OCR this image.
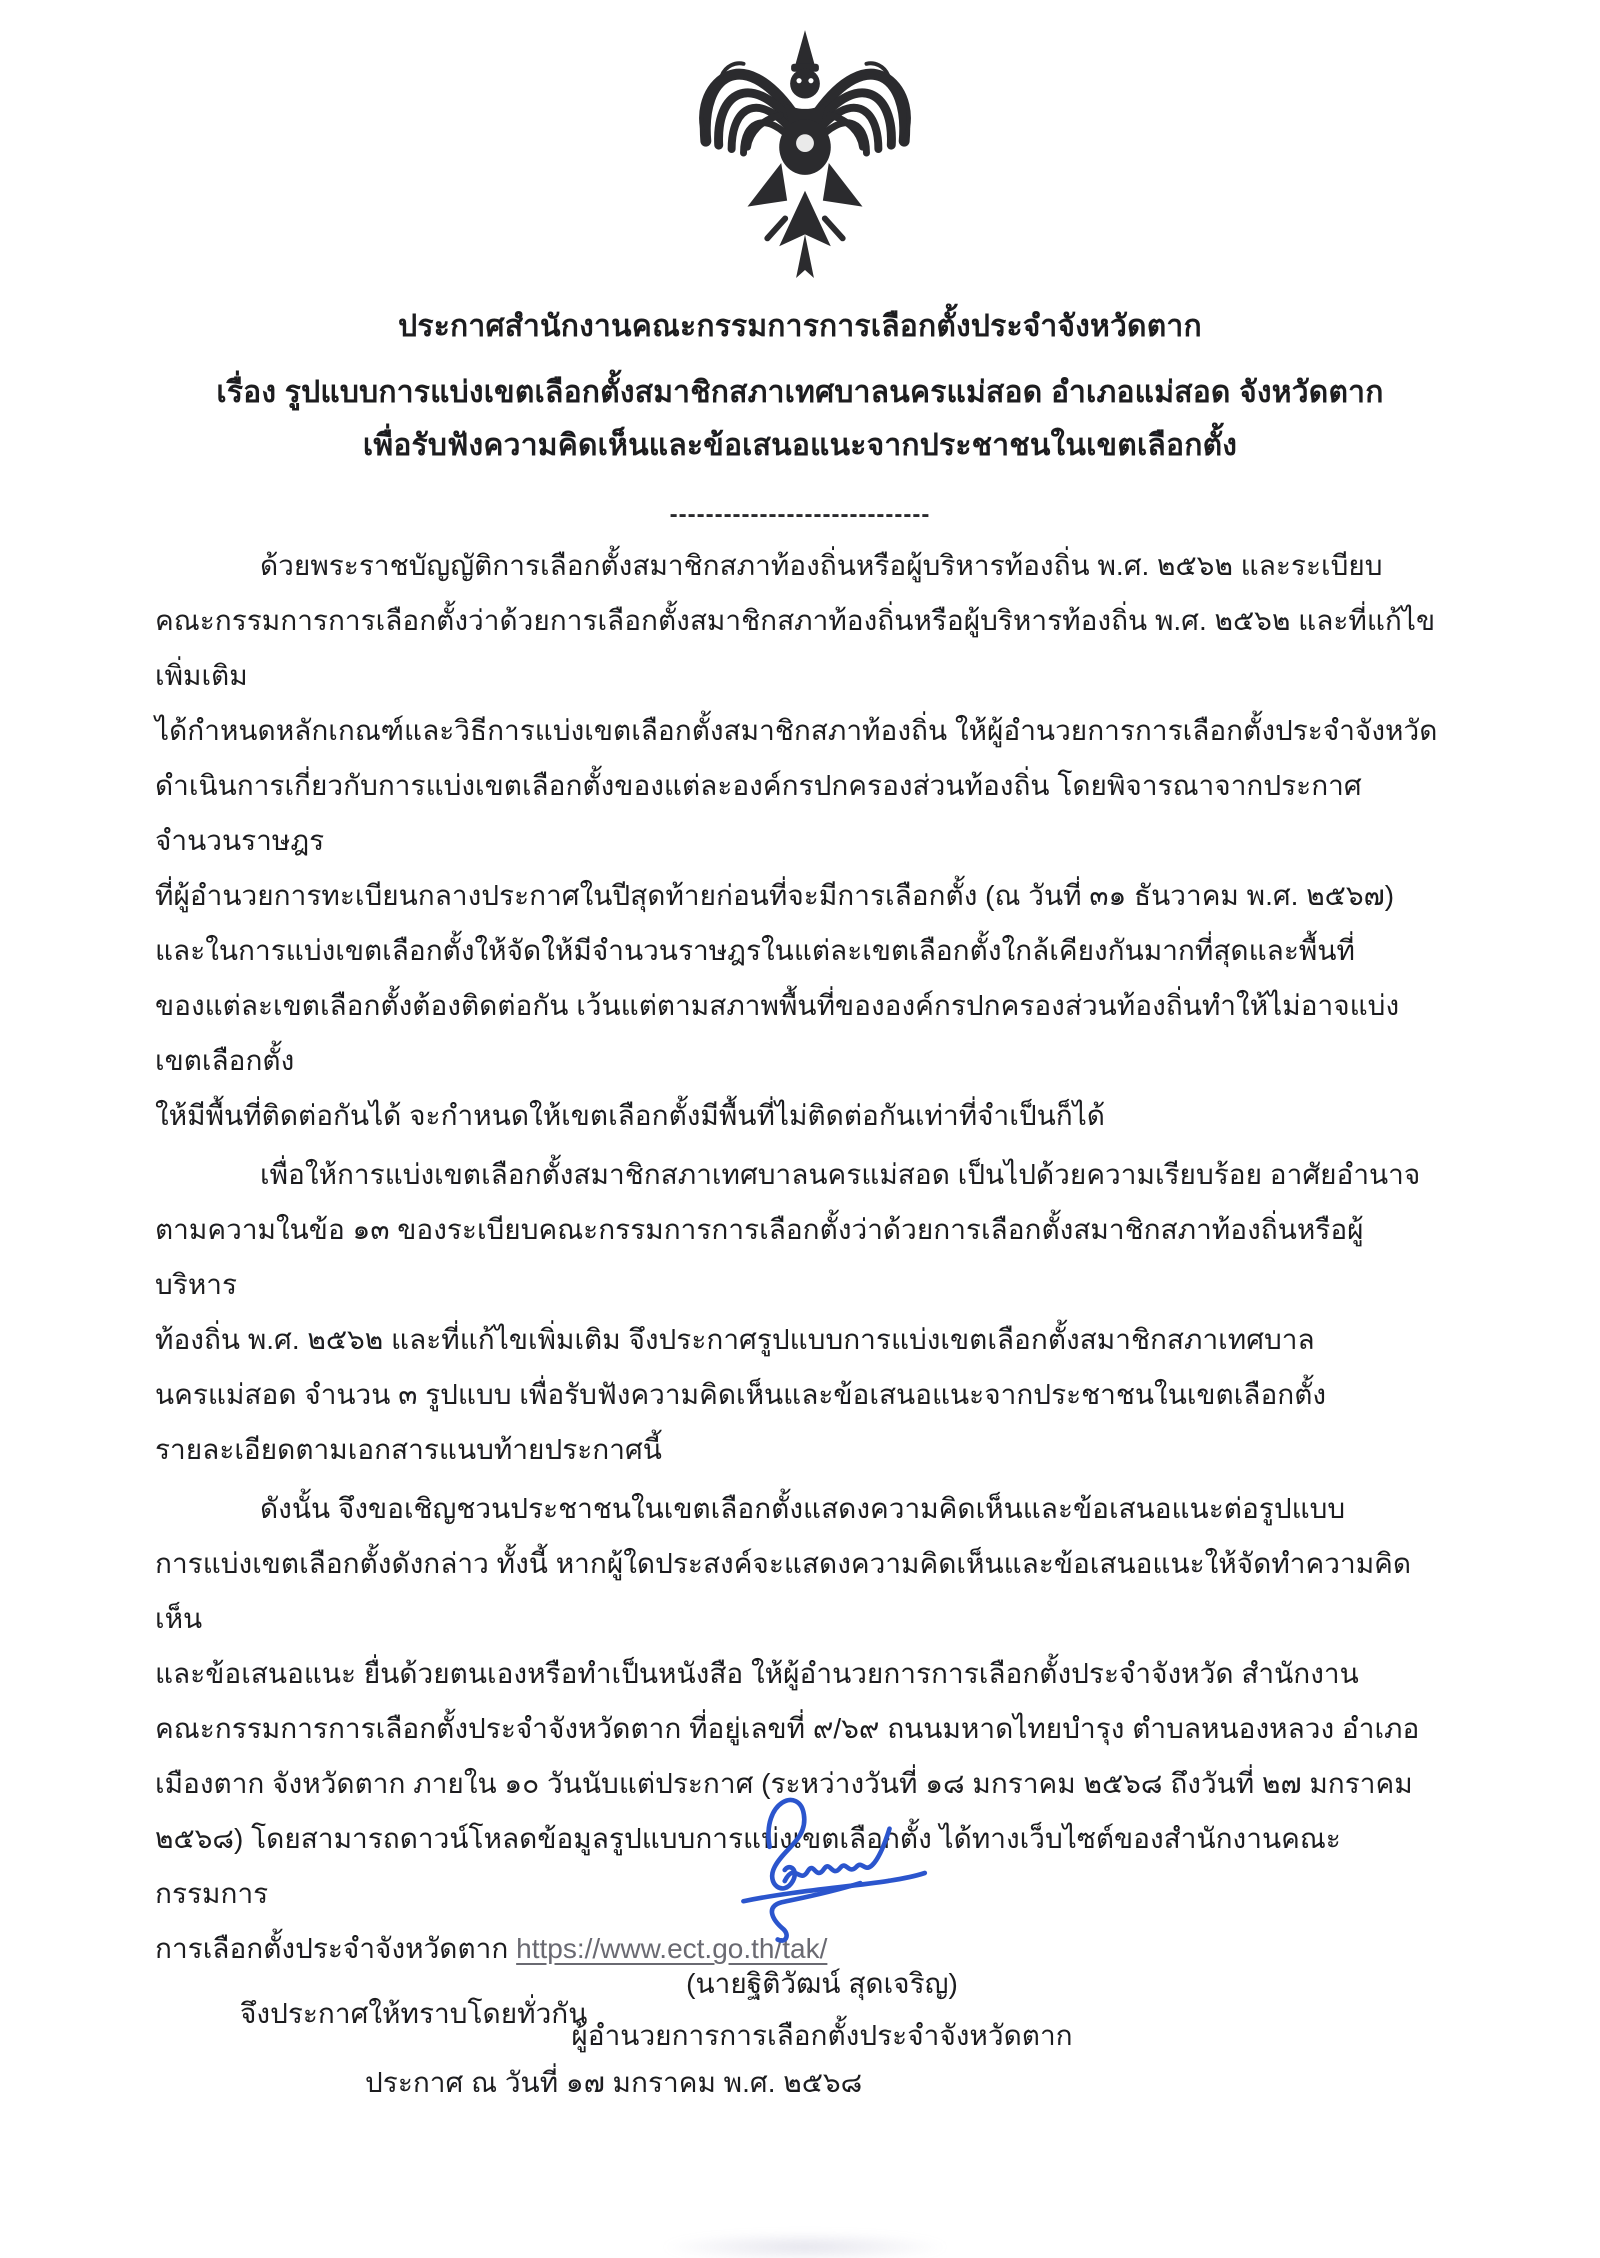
ประกาศสำนักงานคณะกรรมการการเลือกตั้งประจำจังหวัดตาก
เรื่อง รูปแบบการแบ่งเขตเลือกตั้งสมาชิกสภาเทศบาลนครแม่สอด อำเภอแม่สอด จังหวัดตาก
เพื่อรับฟังความคิดเห็นและข้อเสนอแนะจากประชาชนในเขตเลือกตั้ง
-----------------------------
ด้วยพระราชบัญญัติการเลือกตั้งสมาชิกสภาท้องถิ่นหรือผู้บริหารท้องถิ่น พ.ศ. ๒๕๖๒ และระเบียบ
คณะกรรมการการเลือกตั้งว่าด้วยการเลือกตั้งสมาชิกสภาท้องถิ่นหรือผู้บริหารท้องถิ่น พ.ศ. ๒๕๖๒ และที่แก้ไขเพิ่มเติม
ได้กำหนดหลักเกณฑ์และวิธีการแบ่งเขตเลือกตั้งสมาชิกสภาท้องถิ่น ให้ผู้อำนวยการการเลือกตั้งประจำจังหวัด
ดำเนินการเกี่ยวกับการแบ่งเขตเลือกตั้งของแต่ละองค์กรปกครองส่วนท้องถิ่น โดยพิจารณาจากประกาศจำนวนราษฎร
ที่ผู้อำนวยการทะเบียนกลางประกาศในปีสุดท้ายก่อนที่จะมีการเลือกตั้ง (ณ วันที่ ๓๑ ธันวาคม พ.ศ. ๒๕๖๗)
และในการแบ่งเขตเลือกตั้งให้จัดให้มีจำนวนราษฎรในแต่ละเขตเลือกตั้งใกล้เคียงกันมากที่สุดและพื้นที่
ของแต่ละเขตเลือกตั้งต้องติดต่อกัน เว้นแต่ตามสภาพพื้นที่ขององค์กรปกครองส่วนท้องถิ่นทำให้ไม่อาจแบ่งเขตเลือกตั้ง
ให้มีพื้นที่ติดต่อกันได้ จะกำหนดให้เขตเลือกตั้งมีพื้นที่ไม่ติดต่อกันเท่าที่จำเป็นก็ได้
เพื่อให้การแบ่งเขตเลือกตั้งสมาชิกสภาเทศบาลนครแม่สอด เป็นไปด้วยความเรียบร้อย อาศัยอำนาจ
ตามความในข้อ ๑๓ ของระเบียบคณะกรรมการการเลือกตั้งว่าด้วยการเลือกตั้งสมาชิกสภาท้องถิ่นหรือผู้บริหาร
ท้องถิ่น พ.ศ. ๒๕๖๒ และที่แก้ไขเพิ่มเติม จึงประกาศรูปแบบการแบ่งเขตเลือกตั้งสมาชิกสภาเทศบาล
นครแม่สอด จำนวน ๓ รูปแบบ เพื่อรับฟังความคิดเห็นและข้อเสนอแนะจากประชาชนในเขตเลือกตั้ง
รายละเอียดตามเอกสารแนบท้ายประกาศนี้
ดังนั้น จึงขอเชิญชวนประชาชนในเขตเลือกตั้งแสดงความคิดเห็นและข้อเสนอแนะต่อรูปแบบ
การแบ่งเขตเลือกตั้งดังกล่าว ทั้งนี้ หากผู้ใดประสงค์จะแสดงความคิดเห็นและข้อเสนอแนะให้จัดทำความคิดเห็น
และข้อเสนอแนะ ยื่นด้วยตนเองหรือทำเป็นหนังสือ ให้ผู้อำนวยการการเลือกตั้งประจำจังหวัด สำนักงาน
คณะกรรมการการเลือกตั้งประจำจังหวัดตาก ที่อยู่เลขที่ ๙/๖๙ ถนนมหาดไทยบำรุง ตำบลหนองหลวง อำเภอ
เมืองตาก จังหวัดตาก ภายใน ๑๐ วันนับแต่ประกาศ (ระหว่างวันที่ ๑๘ มกราคม ๒๕๖๘ ถึงวันที่ ๒๗ มกราคม
๒๕๖๘) โดยสามารถดาวน์โหลดข้อมูลรูปแบบการแบ่งเขตเลือกตั้ง ได้ทางเว็บไซต์ของสำนักงานคณะกรรมการ
การเลือกตั้งประจำจังหวัดตาก https://www.ect.go.th/tak/
จึงประกาศให้ทราบโดยทั่วกัน
ประกาศ ณ วันที่ ๑๗ มกราคม พ.ศ. ๒๕๖๘
(นายฐิติวัฒน์ สุดเจริญ)
ผู้อำนวยการการเลือกตั้งประจำจังหวัดตาก
